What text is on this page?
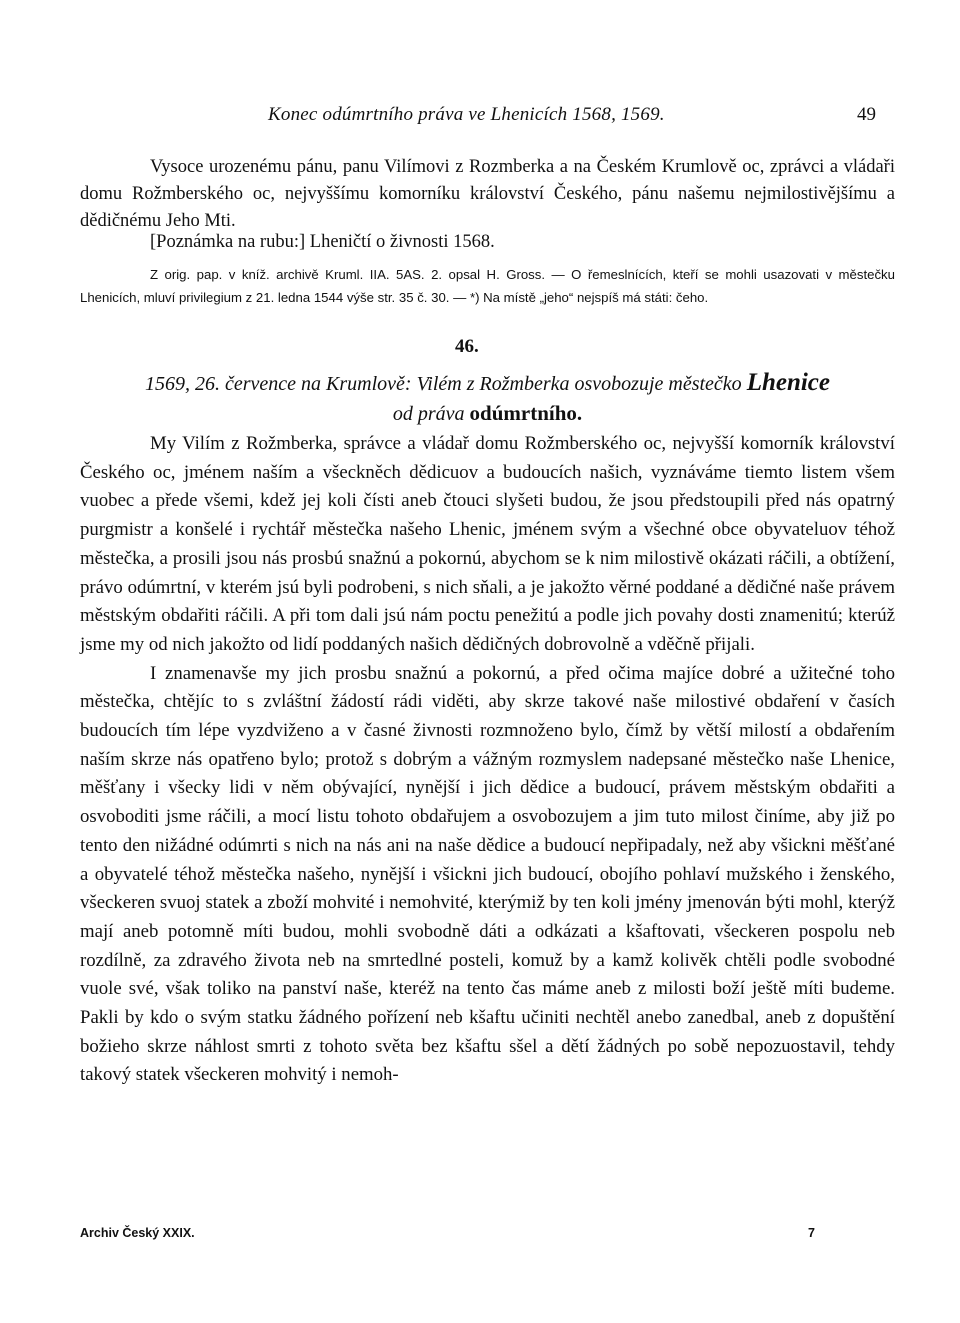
Konec odúmrtního práva ve Lhenicích 1568, 1569.	49

Vysoce urozenému pánu, panu Vilímovi z Rozmberka a na Českém Krumlově oc, zprávci a vládaři domu Rožmberského oc, nejvyššímu komorníku království Českého, pánu našemu nejmilostivějšímu a dědičnému Jeho Mti.

[Poznámka na rubu:] Lheničtí o živnosti 1568.

Z orig. pap. v kníž. archivě Kruml. IIA. 5AS. 2. opsal H. Gross. — O řemeslnících, kteří se mohli usazovati v městečku Lhenicích, mluví privilegium z 21. ledna 1544 výše str. 35 č. 30. — *) Na místě „jeho“ nejspíš má státi: čeho.

46.

1569, 26. července na Krumlově: Vilém z Rožmberka osvobozuje městečko Lhenice
od práva odúmrtního.

My Vilím z Rožmberka, správce a vládař domu Rožmberského oc, nejvyšší komorník království Českého oc, jménem naším a všeckněch dědicuov a budoucích našich, vyznáváme tiemto listem všem vuobec a přede všemi, kdež jej koli čísti aneb čtouci slyšeti budou, že jsou předstoupili před nás opatrný purgmistr a konšelé i rychtář městečka našeho Lhenic, jménem svým a všechné obce obyvateluov téhož městečka, a prosili jsou nás prosbú snažnú a pokornú, abychom se k nim milostivě okázati ráčili, a obtížení, právo odúmrtní, v kterém jsú byli podrobeni, s nich sňali, a je jakožto věrné poddané a dědičné naše právem městským obdařiti ráčili. A při tom dali jsú nám poctu penežitú a podle jich povahy dosti znamenitú; kterúž jsme my od nich jakožto od lidí poddaných našich dědičných dobrovolně a vděčně přijali.

I znamenavše my jich prosbu snažnú a pokornú, a před očima majíce dobré a užitečné toho městečka, chtějíc to s zvláštní žádostí rádi viděti, aby skrze takové naše milostivé obdaření v časích budoucích tím lépe vyzdviženo a v časné živnosti rozmnoženo bylo, čímž by větší milostí a obdařením naším skrze nás opatřeno bylo; protož s dobrým a vážným rozmyslem nadepsané městečko naše Lhenice, měšťany i všecky lidi v něm obývající, nynější i jich dědice a budoucí, právem městským obdařiti a osvoboditi jsme ráčili, a mocí listu tohoto obdařujem a osvobozujem a jim tuto milost činíme, aby již po tento den nižádné odúmrti s nich na nás ani na naše dědice a budoucí nepřipadaly, než aby všickni měšťané a obyvatelé téhož městečka našeho, nynější i všickni jich budoucí, obojího pohlaví mužského i ženského, všeckeren svuoj statek a zboží mohvité i nemohvité, kterýmiž by ten koli jmény jmenován býti mohl, kterýž mají aneb potomně míti budou, mohli svobodně dáti a odkázati a kšaftovati, všeckeren pospolu neb rozdílně, za zdravého života neb na smrtedlné posteli, komuž by a kamž kolivěk chtěli podle svobodné vuole své, však toliko na panství naše, kteréž na tento čas máme aneb z milosti boží ještě míti budeme. Pakli by kdo o svým statku žádného pořízení neb kšaftu učiniti nechtěl anebo zanedbal, aneb z dopuštění božieho skrze náhlost smrti z tohoto světa bez kšaftu sšel a dětí žádných po sobě nepozuostavil, tehdy takový statek všeckeren mohvitý i nemoh-

Archiv Český XXIX.	7
